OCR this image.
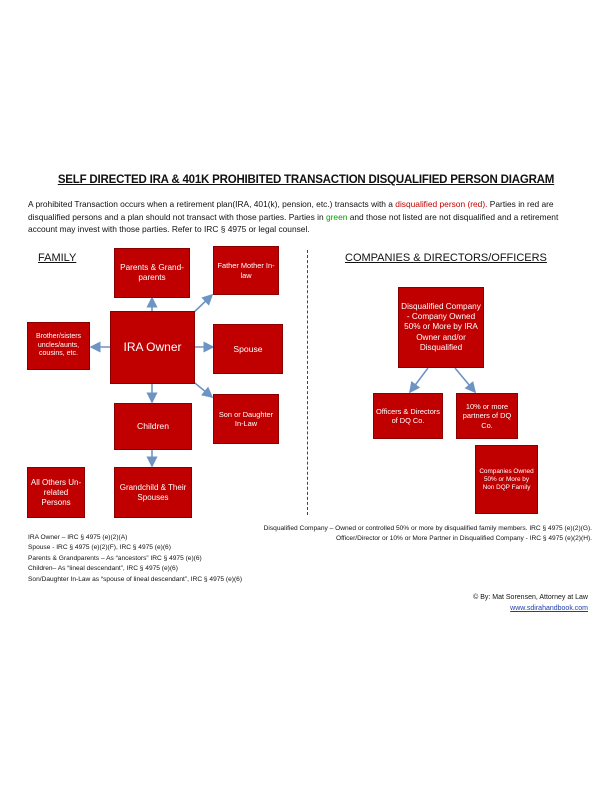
SELF DIRECTED IRA & 401K PROHIBITED TRANSACTION DISQUALIFIED PERSON DIAGRAM
A prohibited Transaction occurs when a retirement plan(IRA, 401(k), pension, etc.) transacts with a disqualified person (red). Parties in red are disqualified persons and a plan should not transact with those parties. Parties in green and those not listed are not disqualified and a retirement account may invest with those parties. Refer to IRC § 4975 or legal counsel.
FAMILY	COMPANIES & DIRECTORS/OFFICERS
Parents & Grand-parents
Father Mother In-law
Brother/sisters uncles/aunts, cousins, etc.	IRA Owner	Spouse
Children
Son or Daughter In-Law
All Others Un-related Persons
Grandchild & Their Spouses
Disqualified Company - Company Owned 50% or More by IRA Owner and/or Disqualified
Officers & Directors of DQ Co.
10% or more partners of DQ Co.
Companies Owned 50% or More by Non DQP Family
Disqualified Company – Owned or controlled 50% or more by disqualified family members. IRC § 4975 (e)(2)(G).
Officer/Director or 10% or More Partner in Disqualified Company - IRC § 4975 (e)(2)(H).
IRA Owner – IRC § 4975 (e)(2)(A)
Spouse - IRC § 4975 (e)(2)(F), IRC § 4975 (e)(6)
Parents & Grandparents – As “ancestors” IRC § 4975 (e)(6)
Children– As “lineal descendant”, IRC § 4975 (e)(6)
Son/Daughter In-Law as “spouse of lineal descendant”, IRC § 4975 (e)(6)
© By: Mat Sorensen, Attorney at Law
www.sdirahandbook.com
